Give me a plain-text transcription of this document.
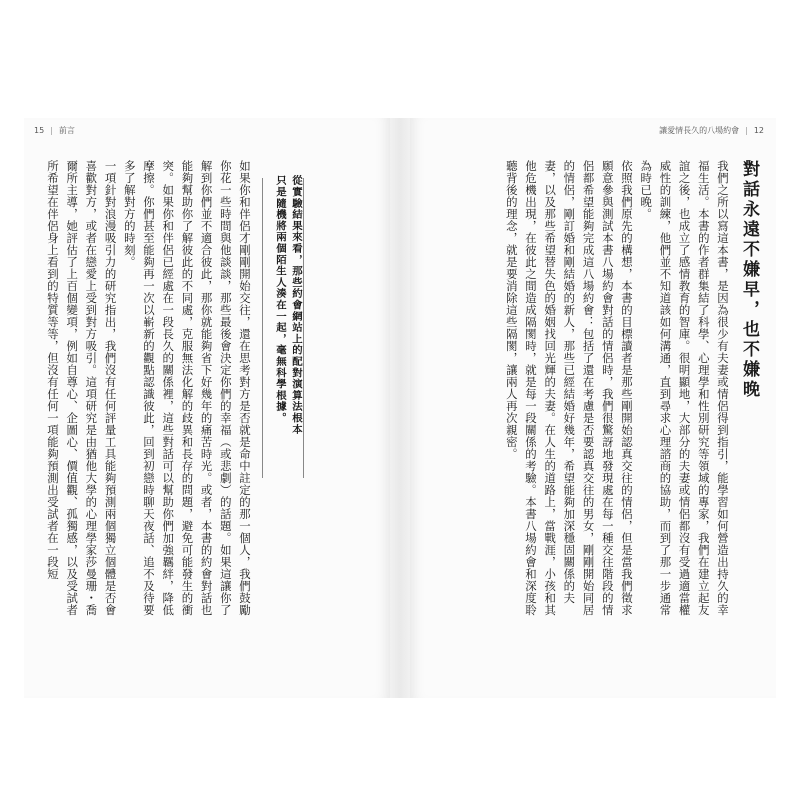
15 | 前言	讓愛情長久的八場約會 | 12
對話永遠不嫌早，也不嫌晚
我們之所以寫這本書，是因為很少有夫妻或情侶得到指引，能學習如何營造出持久的幸福生活。本書的作者群集結了科學、心理學和性別研究等領域的專家，我們在建立起友誼之後，也成立了感情教育的智庫。很明顯地，大部分的夫妻或情侶都沒有受過適當權威性的訓練，他們並不知道該如何溝通，直到尋求心理諮商的協助，而到了那一步通常為時已晚。
依照我們原先的構想，本書的目標讀者是那些剛開始認真交往的情侶，但是當我們徵求願意參與測試本書八場約會對話的情侶時，我們很驚訝地發現處在每一種交往階段的情侶都希望能夠完成這八場約會：包括了還在考慮是否要認真交往的男女，剛剛開始同居的情侶，剛訂婚和剛結婚的新人，那些已經結婚好幾年，希望能夠加深穩固關係的夫妻，以及那些希望替失色的婚姻找回光輝的夫妻。在人生的道路上，當戰涯，小孩和其他危機出現，在彼此之間造成隔閡時，就是每一段關係的考驗。本書八場約會和深度聆聽背後的理念，就是要消除這些隔閡，讓兩人再次親密。
從實驗結果來看，那些約會網站上的配對演算法根本
只是隨機將兩個陌生人湊在一起，毫無科學根據。
如果你和伴侶才剛剛開始交往，還在思考對方是否就是命中註定的那一個人，我們鼓勵你花一些時間與他談談，那些最後會決定你們的幸福（或悲劇）的話題。如果這讓你了解到你們並不適合彼此，那你就能夠省下好幾年的痛苦時光。或者，本書的約會對話也能夠幫助你了解彼此的不同處，克服無法化解的歧異和長存的問題，避免可能發生的衝突。如果你和伴侶已經處在一段長久的關係裡，這些對話可以幫助你們加強羈絆，降低摩擦。你們甚至能夠再一次以嶄新的觀點認識彼此，回到初戀時聊天夜話、追不及待要多了解對方的時刻。
一項針對浪漫吸引力的研究指出，我們沒有任何評量工具能夠預測兩個獨立個體是否會喜歡對方，或者在戀愛上受到對方吸引。這項研究是由猶他大學的心理學家莎曼珊・喬爾所主導，她評估了上百個變項，例如自尊心、企圖心、價值觀、孤獨感，以及受試者所希望在伴侶身上看到的特質等等，但沒有任何一項能夠預測出受試者在一段短
